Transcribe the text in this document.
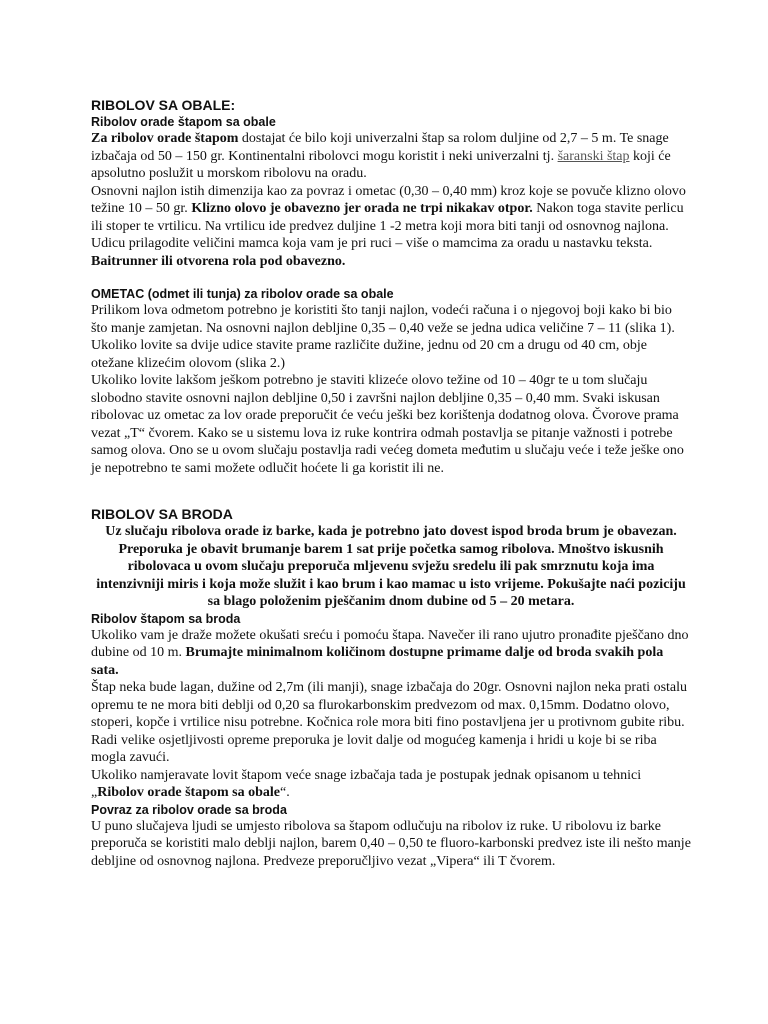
RIBOLOV SA OBALE:
Ribolov orade štapom sa obale

Za ribolov orade štapom dostajat će bilo koji univerzalni štap sa rolom duljine od 2,7 – 5 m. Te snage izbačaja od 50 – 150 gr. Kontinentalni ribolovci mogu koristit i neki univerzalni tj. šaranski štap koji će apsolutno poslužit u morskom ribolovu na oradu.

Osnovni najlon istih dimenzija kao za povraz i ometac (0,30 – 0,40 mm) kroz koje se povuče klizno olovo težine 10 – 50 gr. Klizno olovo je obavezno jer orada ne trpi nikakav otpor. Nakon toga stavite perlicu ili stoper te vrtilicu. Na vrtilicu ide predvez duljine 1 -2 metra koji mora biti tanji od osnovnog najlona. Udicu prilagodite veličini mamca koja vam je pri ruci – više o mamcima za oradu u nastavku teksta. Baitrunner ili otvorena rola pod obavezno.

OMETAC (odmet ili tunja) za ribolov orade sa obale

Prilikom lova odmetom potrebno je koristiti što tanji najlon, vodeći računa i o njegovoj boji kako bi bio što manje zamjetan. Na osnovni najlon debljine 0,35 – 0,40 veže se jedna udica veličine 7 – 11 (slika 1). Ukoliko lovite sa dvije udice stavite prame različite dužine, jednu od 20 cm a drugu od 40 cm, obje otežane klizećim olovom (slika 2.)

Ukoliko lovite lakšom ješkom potrebno je staviti klizeće olovo težine od 10 – 40gr te u tom slučaju slobodno stavite osnovni najlon debljine 0,50 i završni najlon debljine 0,35 – 0,40 mm. Svaki iskusan ribolovac uz ometac za lov orade preporučit će veću ješki bez korištenja dodatnog olova. Čvorove prama vezat „T“ čvorem. Kako se u sistemu lova iz ruke kontrira odmah postavlja se pitanje važnosti i potrebe samog olova. Ono se u ovom slučaju postavlja radi većeg dometa međutim u slučaju veće i teže ješke ono je nepotrebno te sami možete odlučit hoćete li ga koristit ili ne.

RIBOLOV SA BRODA

Uz slučaju ribolova orade iz barke, kada je potrebno jato dovest ispod broda brum je obavezan. Preporuka je obavit brumanje barem 1 sat prije početka samog ribolova. Mnoštvo iskusnih ribolovaca u ovom slučaju preporuča mljevenu svježu sredelu ili pak smrznutu koja ima intenzivniji miris i koja može služit i kao brum i kao mamac u isto vrijeme. Pokušajte naći poziciju sa blago položenim pješčanim dnom dubine od 5 – 20 metara.

Ribolov štapom sa broda

Ukoliko vam je draže možete okušati sreću i pomoću štapa. Navečer ili rano ujutro pronađite pješčano dno dubine od 10 m. Brumajte minimalnom količinom dostupne primame dalje od broda svakih pola sata.

Štap neka bude lagan, dužine od 2,7m (ili manji), snage izbačaja do 20gr. Osnovni najlon neka prati ostalu opremu te ne mora biti deblji od 0,20 sa flurokarbonskim predvezom od max. 0,15mm. Dodatno olovo, stoperi, kopče i vrtilice nisu potrebne. Kočnica role mora biti fino postavljena jer u protivnom gubite ribu. Radi velike osjetljivosti opreme preporuka je lovit dalje od mogućeg kamenja i hridi u koje bi se riba mogla zavući.

Ukoliko namjeravate lovit štapom veće snage izbačaja tada je postupak jednak opisanom u tehnici „Ribolov orade štapom sa obale“.

Povraz za ribolov orade sa broda

U puno slučajeva ljudi se umjesto ribolova sa štapom odlučuju na ribolov iz ruke. U ribolovu iz barke preporuča se koristiti malo deblji najlon, barem 0,40 – 0,50 te fluoro-karbonski predvez iste ili nešto manje debljine od osnovnog najlona. Predveze preporučljivo vezat „Vipera“ ili T čvorem.
